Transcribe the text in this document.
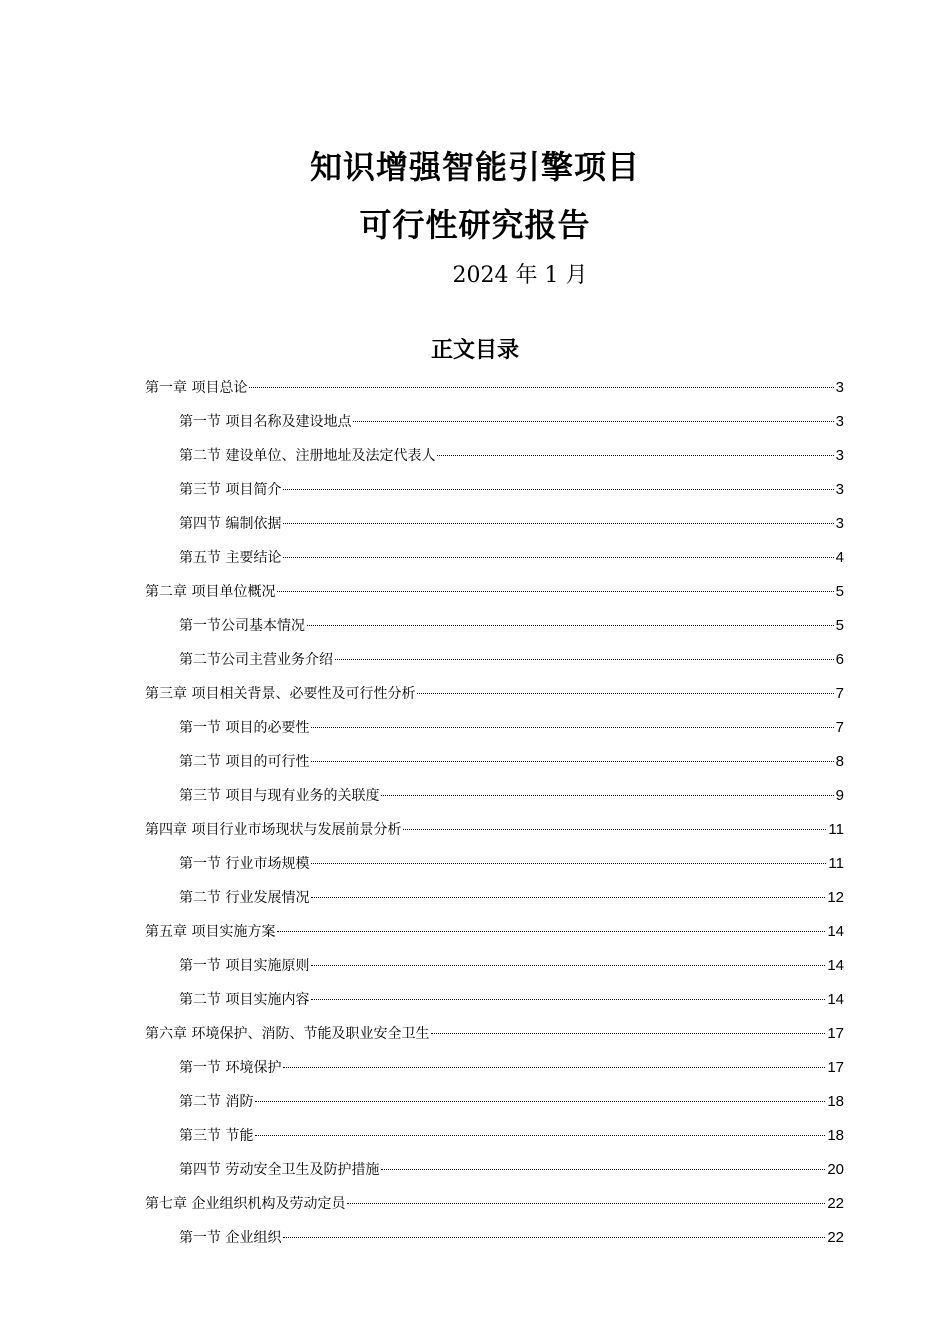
知识增强智能引擎项目
可行性研究报告
2024 年 1 月
正文目录
第一章 项目总论	3
第一节 项目名称及建设地点	3
第二节 建设单位、注册地址及法定代表人	3
第三节 项目简介	3
第四节 编制依据	3
第五节 主要结论	4
第二章 项目单位概况	5
第一节公司基本情况	5
第二节公司主营业务介绍	6
第三章 项目相关背景、必要性及可行性分析	7
第一节 项目的必要性	7
第二节 项目的可行性	8
第三节 项目与现有业务的关联度	9
第四章 项目行业市场现状与发展前景分析	11
第一节 行业市场规模	11
第二节 行业发展情况	12
第五章 项目实施方案	14
第一节 项目实施原则	14
第二节 项目实施内容	14
第六章 环境保护、消防、节能及职业安全卫生	17
第一节 环境保护	17
第二节 消防	18
第三节 节能	18
第四节 劳动安全卫生及防护措施	20
第七章 企业组织机构及劳动定员	22
第一节 企业组织	22
